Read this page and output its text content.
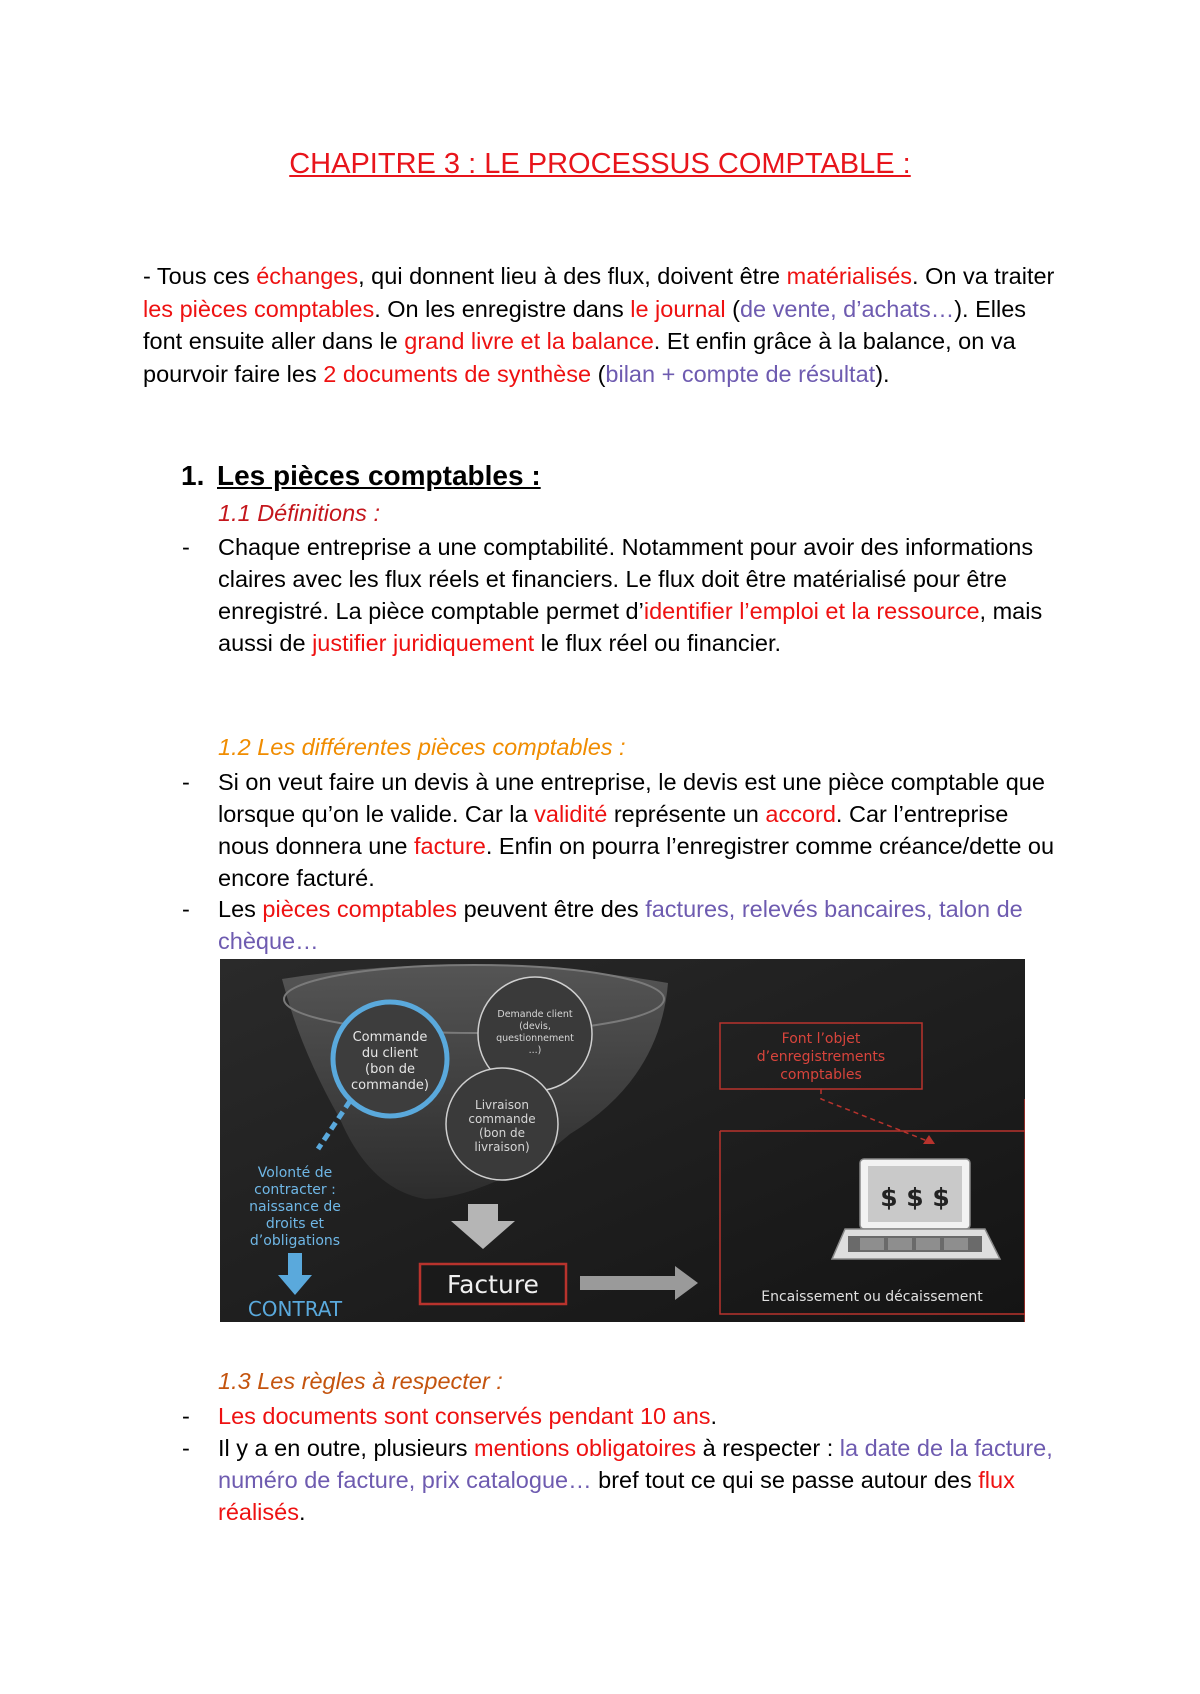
CHAPITRE 3 : LE PROCESSUS COMPTABLE :
- Tous ces échanges, qui donnent lieu à des flux, doivent être matérialisés. On va traiter les pièces comptables. On les enregistre dans le journal (de vente, d’achats…). Elles font ensuite aller dans le grand livre et la balance. Et enfin grâce à la balance, on va pourvoir faire les 2 documents de synthèse (bilan + compte de résultat).
1. Les pièces comptables :
1.1 Définitions :
- Chaque entreprise a une comptabilité. Notamment pour avoir des informations claires avec les flux réels et financiers. Le flux doit être matérialisé pour être enregistré. La pièce comptable permet d’identifier l’emploi et la ressource, mais aussi de justifier juridiquement le flux réel ou financier.
1.2 Les différentes pièces comptables :
- Si on veut faire un devis à une entreprise, le devis est une pièce comptable que lorsque qu’on le valide. Car la validité représente un accord. Car l’entreprise nous donnera une facture. Enfin on pourra l’enregistrer comme créance/dette ou encore facturé.
- Les pièces comptables peuvent être des factures, relevés bancaires, talon de chèque…
Commande
du client
(bon de
commande)
Demande client
(devis,
questionnement
...)
Livraison
commande
(bon de
livraison)
Volonté de
contracter :
naissance de
droits et
d’obligations
CONTRAT
Facture
Font l’objet
d’enregistrements
comptables
$ $ $
Encaissement ou décaissement
1.3 Les règles à respecter :
- Les documents sont conservés pendant 10 ans.
- Il y a en outre, plusieurs mentions obligatoires à respecter : la date de la facture, numéro de facture, prix catalogue… bref tout ce qui se passe autour des flux réalisés.
